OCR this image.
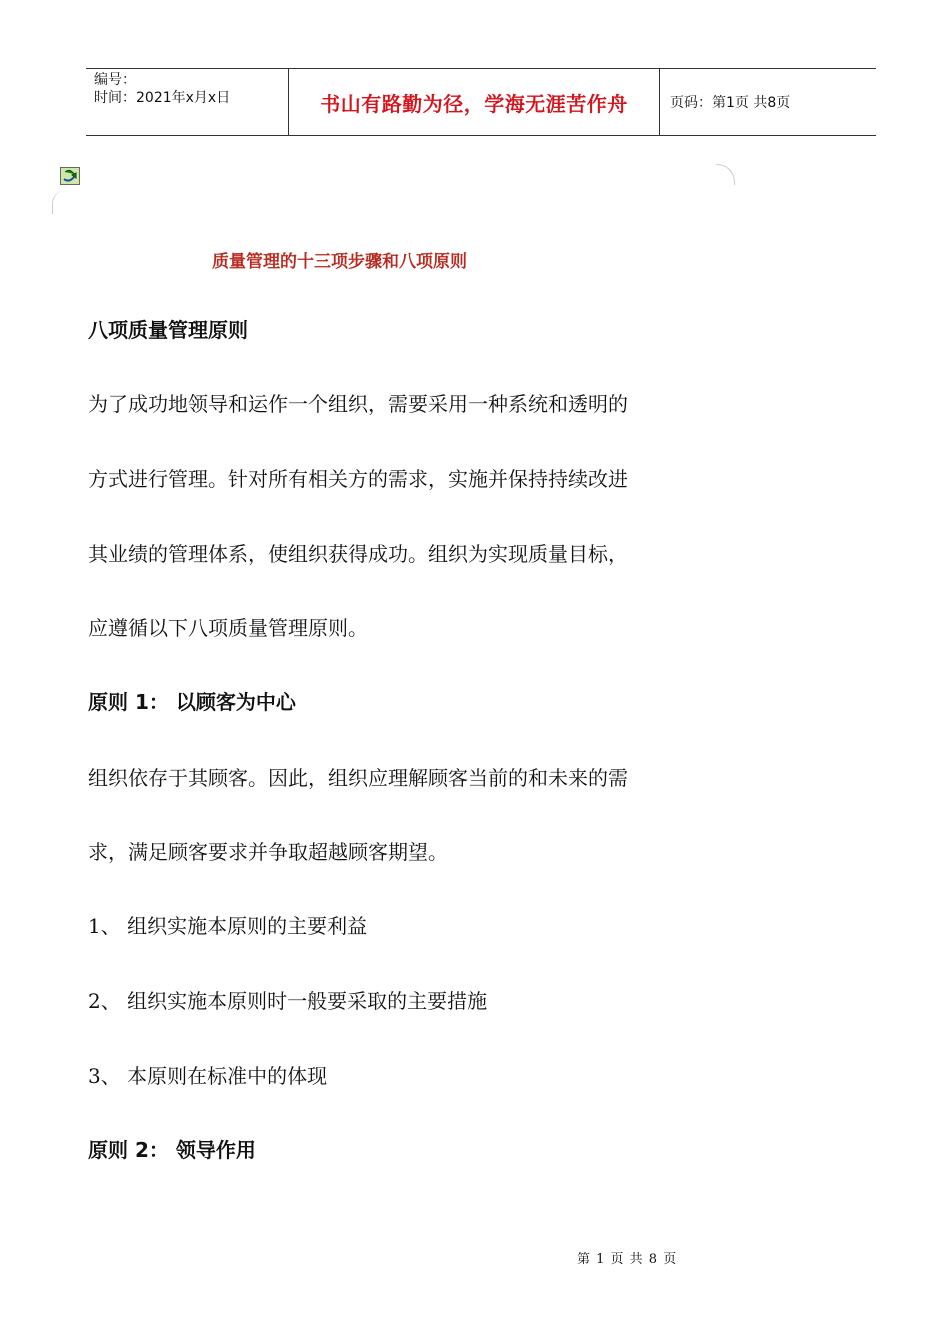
编号：
时间：2021年x月x日	书山有路勤为径，学海无涯苦作舟	页码：第1页 共8页
质量管理的十三项步骤和八项原则
八项质量管理原则
为了成功地领导和运作一个组织，需要采用一种系统和透明的
方式进行管理。针对所有相关方的需求，实施并保持持续改进
其业绩的管理体系，使组织获得成功。组织为实现质量目标，
应遵循以下八项质量管理原则。
原则 1： 以顾客为中心
组织依存于其顾客。因此，组织应理解顾客当前的和未来的需
求，满足顾客要求并争取超越顾客期望。
1、 组织实施本原则的主要利益
2、 组织实施本原则时一般要采取的主要措施
3、 本原则在标准中的体现
原则 2： 领导作用
第 1 页 共 8 页
